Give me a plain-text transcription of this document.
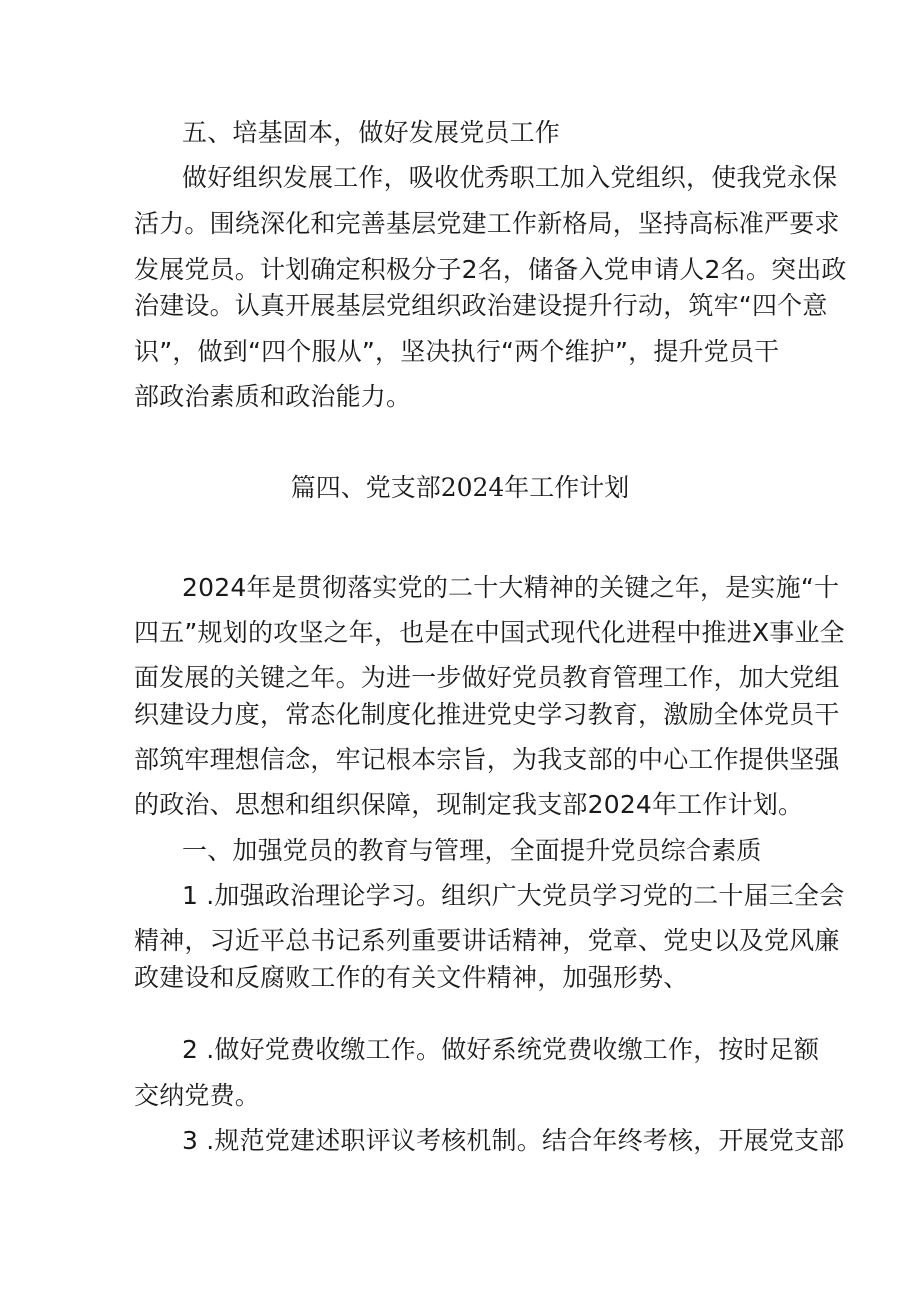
五、培基固本，做好发展党员工作
做好组织发展工作，吸收优秀职工加入党组织，使我党永保
活力。围绕深化和完善基层党建工作新格局，坚持高标准严要求
发展党员。计划确定积极分子2名，储备入党申请人2名。突出政
治建设。认真开展基层党组织政治建设提升行动，筑牢“四个意
识”，做到“四个服从”，坚决执行“两个维护”，提升党员干
部政治素质和政治能力。
篇四、党支部2024年工作计划
2024年是贯彻落实党的二十大精神的关键之年，是实施“十
四五”规划的攻坚之年，也是在中国式现代化进程中推进X事业全
面发展的关键之年。为进一步做好党员教育管理工作，加大党组
织建设力度，常态化制度化推进党史学习教育，激励全体党员干
部筑牢理想信念，牢记根本宗旨，为我支部的中心工作提供坚强
的政治、思想和组织保障，现制定我支部2024年工作计划。
一、加强党员的教育与管理，全面提升党员综合素质
1 .加强政治理论学习。组织广大党员学习党的二十届三全会
精神，习近平总书记系列重要讲话精神，党章、党史以及党风廉
政建设和反腐败工作的有关文件精神，加强形势、
2 .做好党费收缴工作。做好系统党费收缴工作，按时足额
交纳党费。
3 .规范党建述职评议考核机制。结合年终考核，开展党支部
